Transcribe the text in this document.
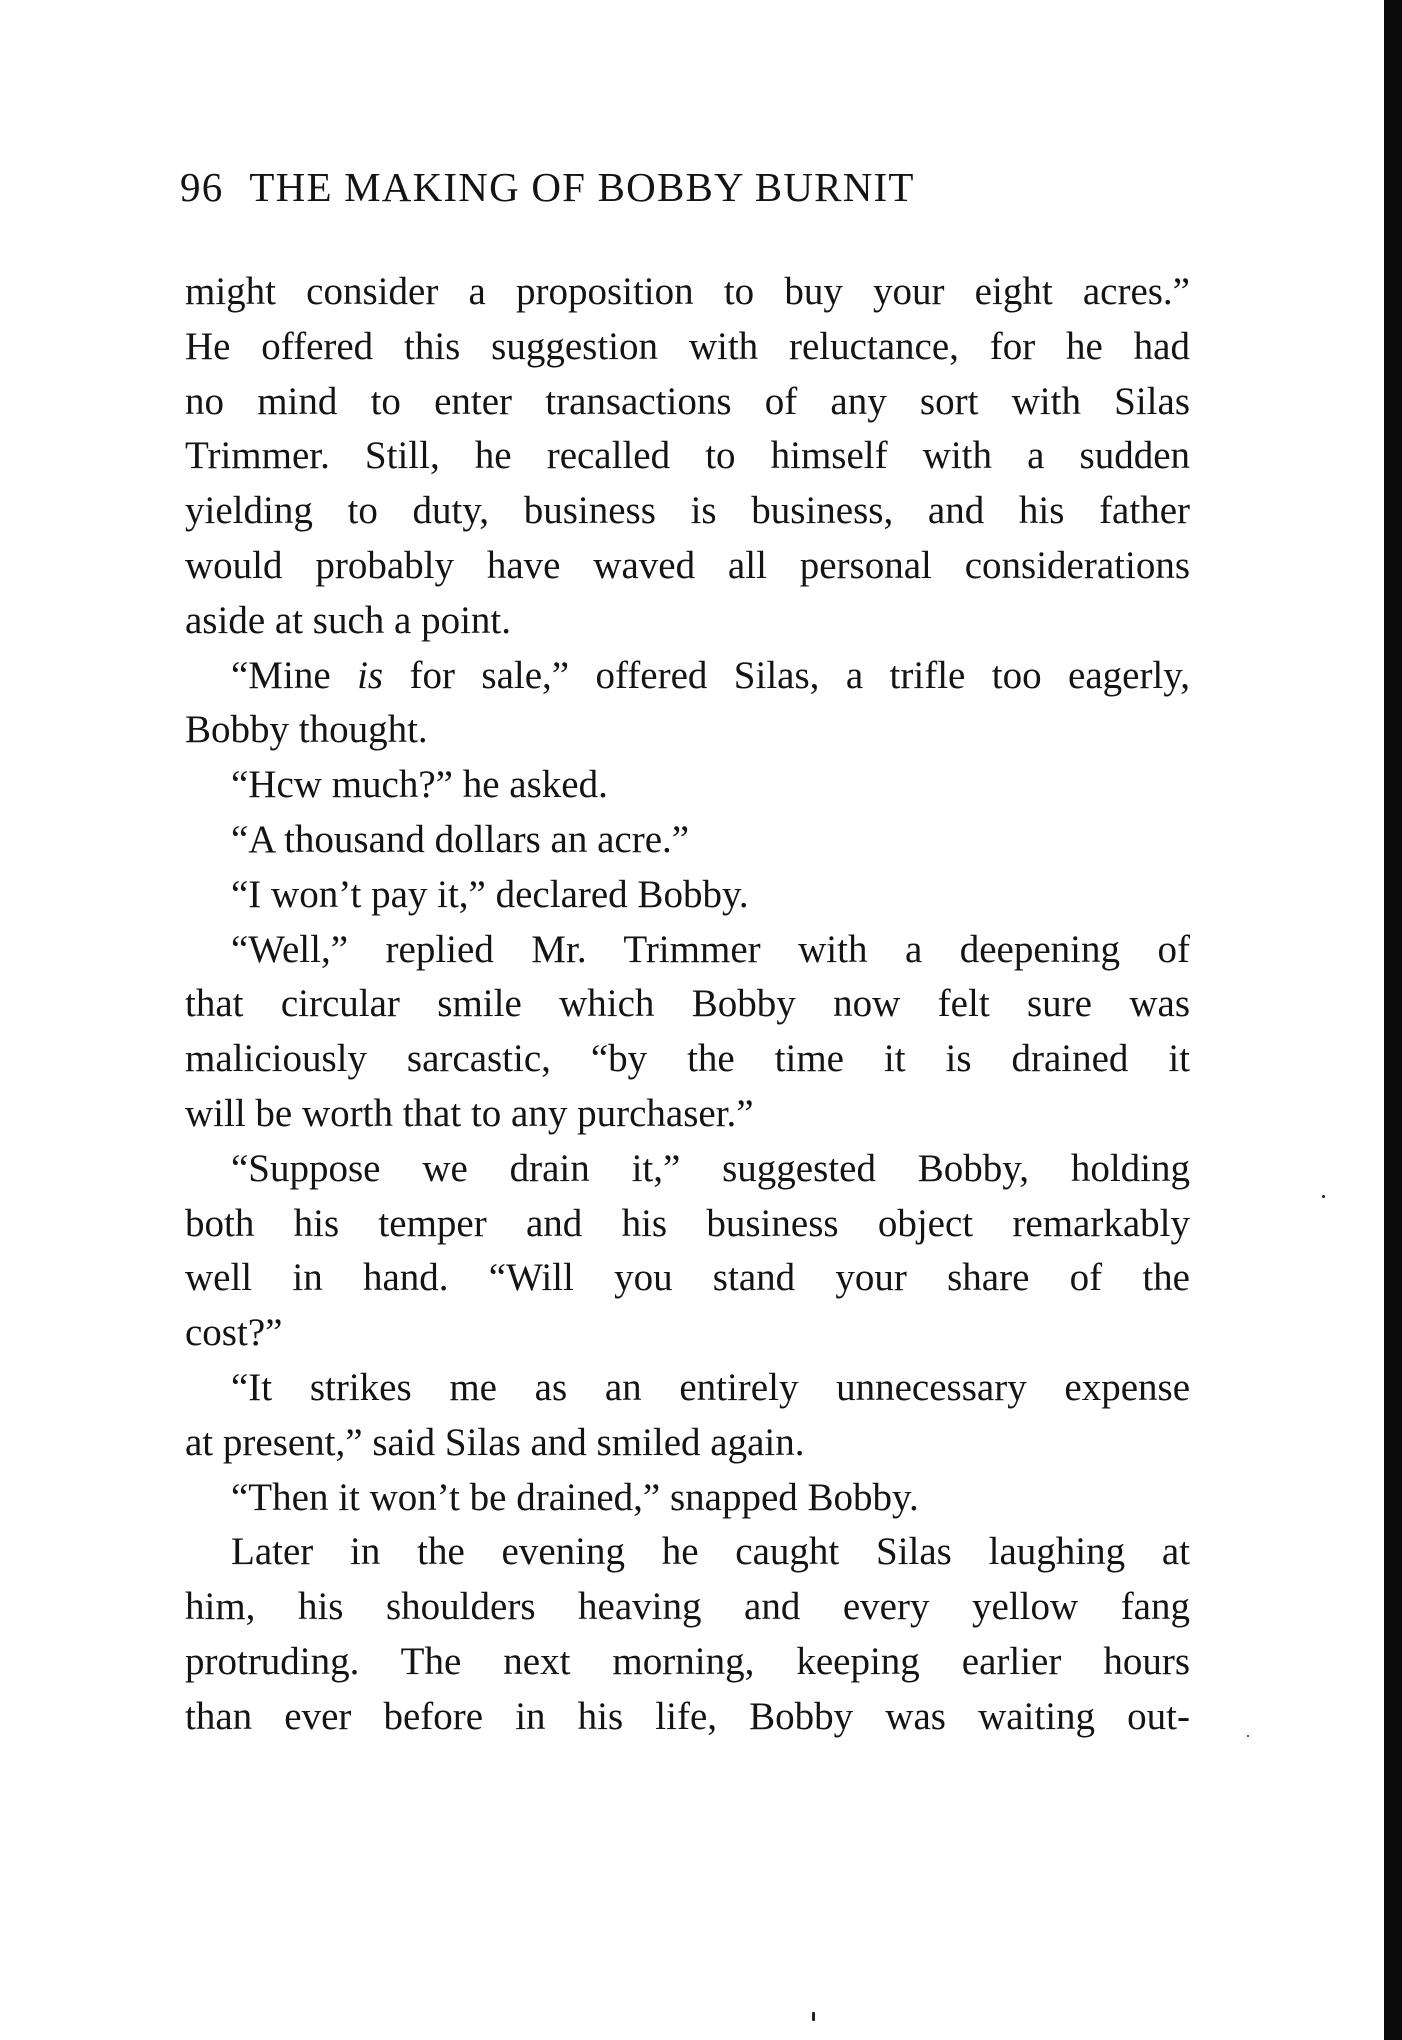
96 THE MAKING OF BOBBY BURNIT
might consider a proposition to buy your eight acres.”
He offered this suggestion with reluctance, for he had
no mind to enter transactions of any sort with Silas
Trimmer. Still, he recalled to himself with a sudden
yielding to duty, business is business, and his father
would probably have waved all personal considerations
aside at such a point.
“Mine is for sale,” offered Silas, a trifle too eagerly,
Bobby thought.
“Hcw much?” he asked.
“A thousand dollars an acre.”
“I won’t pay it,” declared Bobby.
“Well,” replied Mr. Trimmer with a deepening of
that circular smile which Bobby now felt sure was
maliciously sarcastic, “by the time it is drained it
will be worth that to any purchaser.”
“Suppose we drain it,” suggested Bobby, holding
both his temper and his business object remarkably
well in hand. “Will you stand your share of the
cost?”
“It strikes me as an entirely unnecessary expense
at present,” said Silas and smiled again.
“Then it won’t be drained,” snapped Bobby.
Later in the evening he caught Silas laughing at
him, his shoulders heaving and every yellow fang
protruding. The next morning, keeping earlier hours
than ever before in his life, Bobby was waiting out-
